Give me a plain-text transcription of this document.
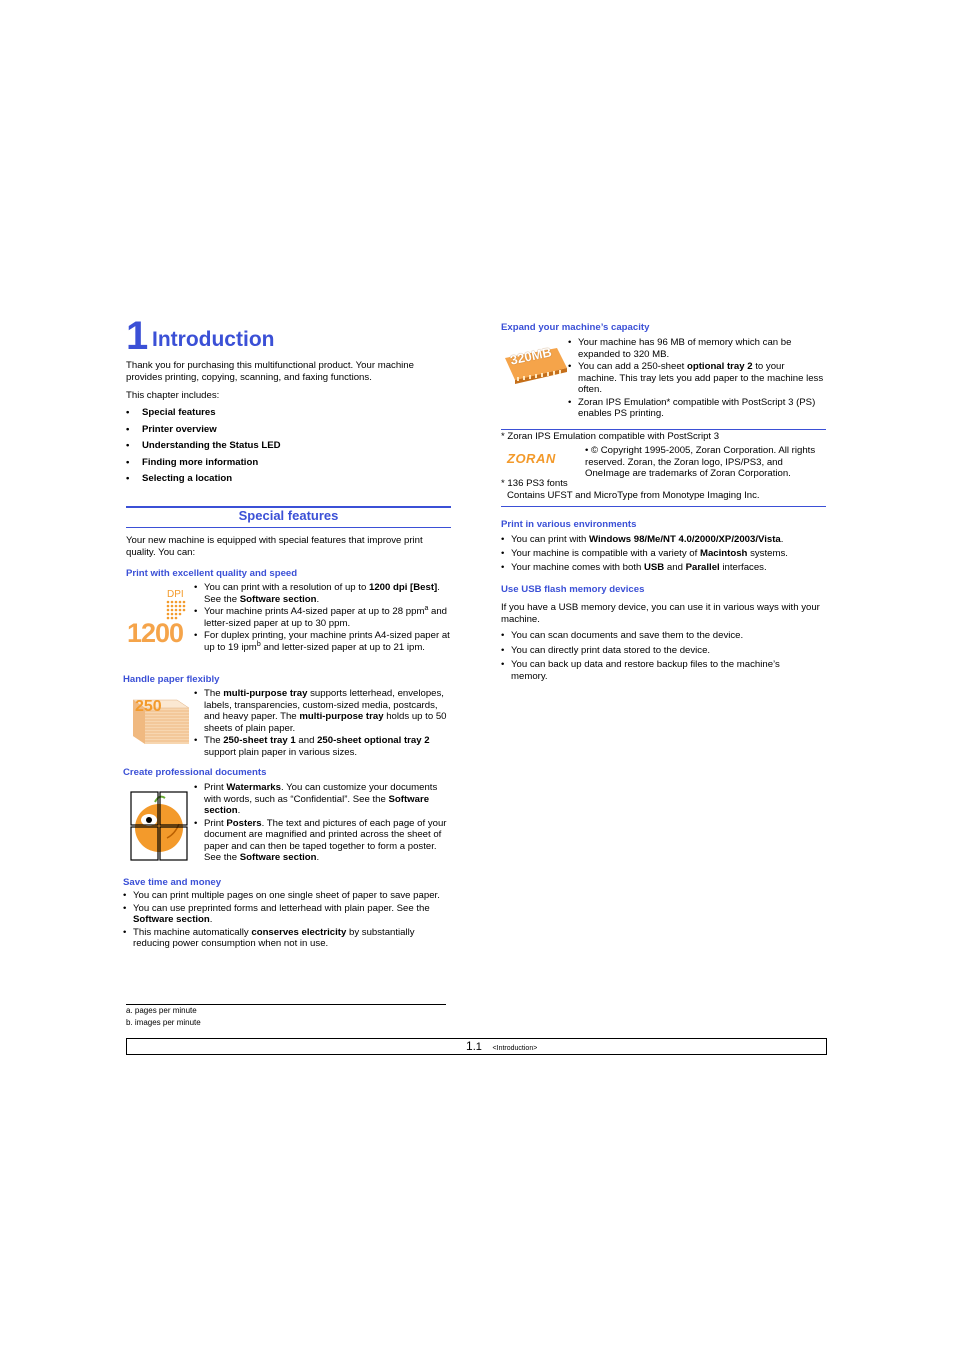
1 Introduction
Thank you for purchasing this multifunctional product. Your machine provides printing, copying, scanning, and faxing functions.
This chapter includes:
• Special features
• Printer overview
• Understanding the Status LED
• Finding more information
• Selecting a location
Special features
Your new machine is equipped with special features that improve print quality. You can:
Print with excellent quality and speed
DPI
1200
• You can print with a resolution of up to 1200 dpi [Best]. See the Software section.
• Your machine prints A4-sized paper at up to 28 ppm$^a$ and letter-sized paper at up to 30 ppm.
• For duplex printing, your machine prints A4-sized paper at up to 19 ipm$^b$ and letter-sized paper at up to 21 ipm.
Handle paper flexibly
250
• The multi-purpose tray supports letterhead, envelopes, labels, transparencies, custom-sized media, postcards, and heavy paper. The multi-purpose tray holds up to 50 sheets of plain paper.
• The 250-sheet tray 1 and 250-sheet optional tray 2 support plain paper in various sizes.
Create professional documents
• Print Watermarks. You can customize your documents with words, such as “Confidential”. See the Software section.
• Print Posters. The text and pictures of each page of your document are magnified and printed across the sheet of paper and can then be taped together to form a poster. See the Software section.
Save time and money
• You can print multiple pages on one single sheet of paper to save paper.
• You can use preprinted forms and letterhead with plain paper. See the Software section.
• This machine automatically conserves electricity by substantially reducing power consumption when not in use.
a. pages per minute
b. images per minute
Expand your machine’s capacity
320MB
• Your machine has 96 MB of memory which can be expanded to 320 MB.
• You can add a 250-sheet optional tray 2 to your machine. This tray lets you add paper to the machine less often.
• Zoran IPS Emulation* compatible with PostScript 3 (PS) enables PS printing.
* Zoran IPS Emulation compatible with PostScript 3
ZORAN
• © Copyright 1995-2005, Zoran Corporation. All rights reserved. Zoran, the Zoran logo, IPS/PS3, and OneImage are trademarks of Zoran Corporation.
* 136 PS3 fonts
Contains UFST and MicroType from Monotype Imaging Inc.
Print in various environments
• You can print with Windows 98/Me/NT 4.0/2000/XP/2003/Vista.
• Your machine is compatible with a variety of Macintosh systems.
• Your machine comes with both USB and Parallel interfaces.
Use USB flash memory devices
If you have a USB memory device, you can use it in various ways with your machine.
• You can scan documents and save them to the device.
• You can directly print data stored to the device.
• You can back up data and restore backup files to the machine’s memory.
1.1 <Introduction>
